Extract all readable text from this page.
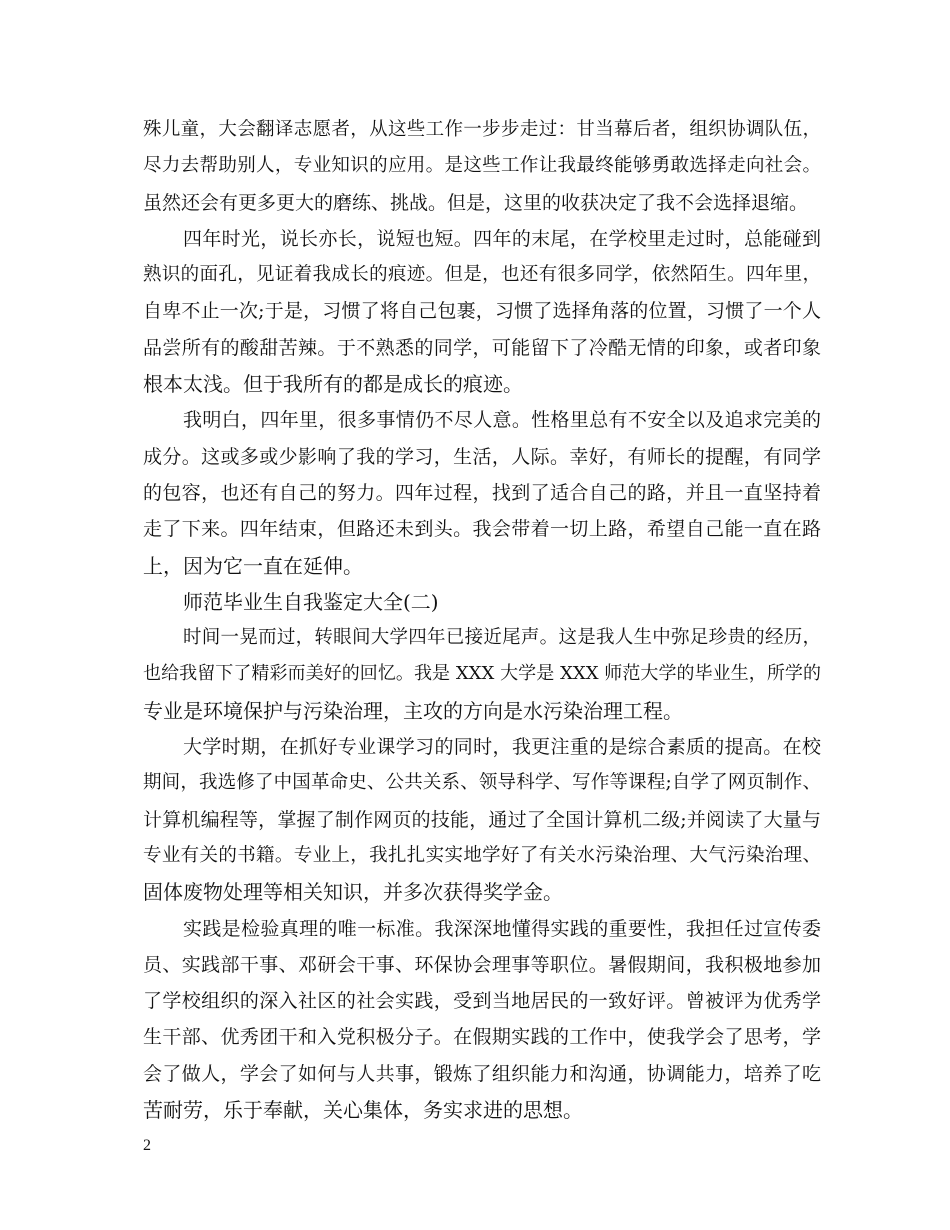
殊儿童，大会翻译志愿者，从这些工作一步步走过：甘当幕后者，组织协调队伍，
尽力去帮助别人，专业知识的应用。是这些工作让我最终能够勇敢选择走向社会。
虽然还会有更多更大的磨练、挑战。但是，这里的收获决定了我不会选择退缩。
四年时光，说长亦长，说短也短。四年的末尾，在学校里走过时，总能碰到
熟识的面孔，见证着我成长的痕迹。但是，也还有很多同学，依然陌生。四年里，
自卑不止一次;于是，习惯了将自己包裹，习惯了选择角落的位置，习惯了一个人
品尝所有的酸甜苦辣。于不熟悉的同学，可能留下了冷酷无情的印象，或者印象
根本太浅。但于我所有的都是成长的痕迹。
我明白，四年里，很多事情仍不尽人意。性格里总有不安全以及追求完美的
成分。这或多或少影响了我的学习，生活，人际。幸好，有师长的提醒，有同学
的包容，也还有自己的努力。四年过程，找到了适合自己的路，并且一直坚持着
走了下来。四年结束，但路还未到头。我会带着一切上路，希望自己能一直在路
上，因为它一直在延伸。
师范毕业生自我鉴定大全(二)
时间一晃而过，转眼间大学四年已接近尾声。这是我人生中弥足珍贵的经历，
也给我留下了精彩而美好的回忆。我是 XXX 大学是 XXX 师范大学的毕业生，所学的
专业是环境保护与污染治理，主攻的方向是水污染治理工程。
大学时期，在抓好专业课学习的同时，我更注重的是综合素质的提高。在校
期间，我选修了中国革命史、公共关系、领导科学、写作等课程;自学了网页制作、
计算机编程等，掌握了制作网页的技能，通过了全国计算机二级;并阅读了大量与
专业有关的书籍。专业上，我扎扎实实地学好了有关水污染治理、大气污染治理、
固体废物处理等相关知识，并多次获得奖学金。
实践是检验真理的唯一标准。我深深地懂得实践的重要性，我担任过宣传委
员、实践部干事、邓研会干事、环保协会理事等职位。暑假期间，我积极地参加
了学校组织的深入社区的社会实践，受到当地居民的一致好评。曾被评为优秀学
生干部、优秀团干和入党积极分子。在假期实践的工作中，使我学会了思考，学
会了做人，学会了如何与人共事，锻炼了组织能力和沟通，协调能力，培养了吃
苦耐劳，乐于奉献，关心集体，务实求进的思想。
2
